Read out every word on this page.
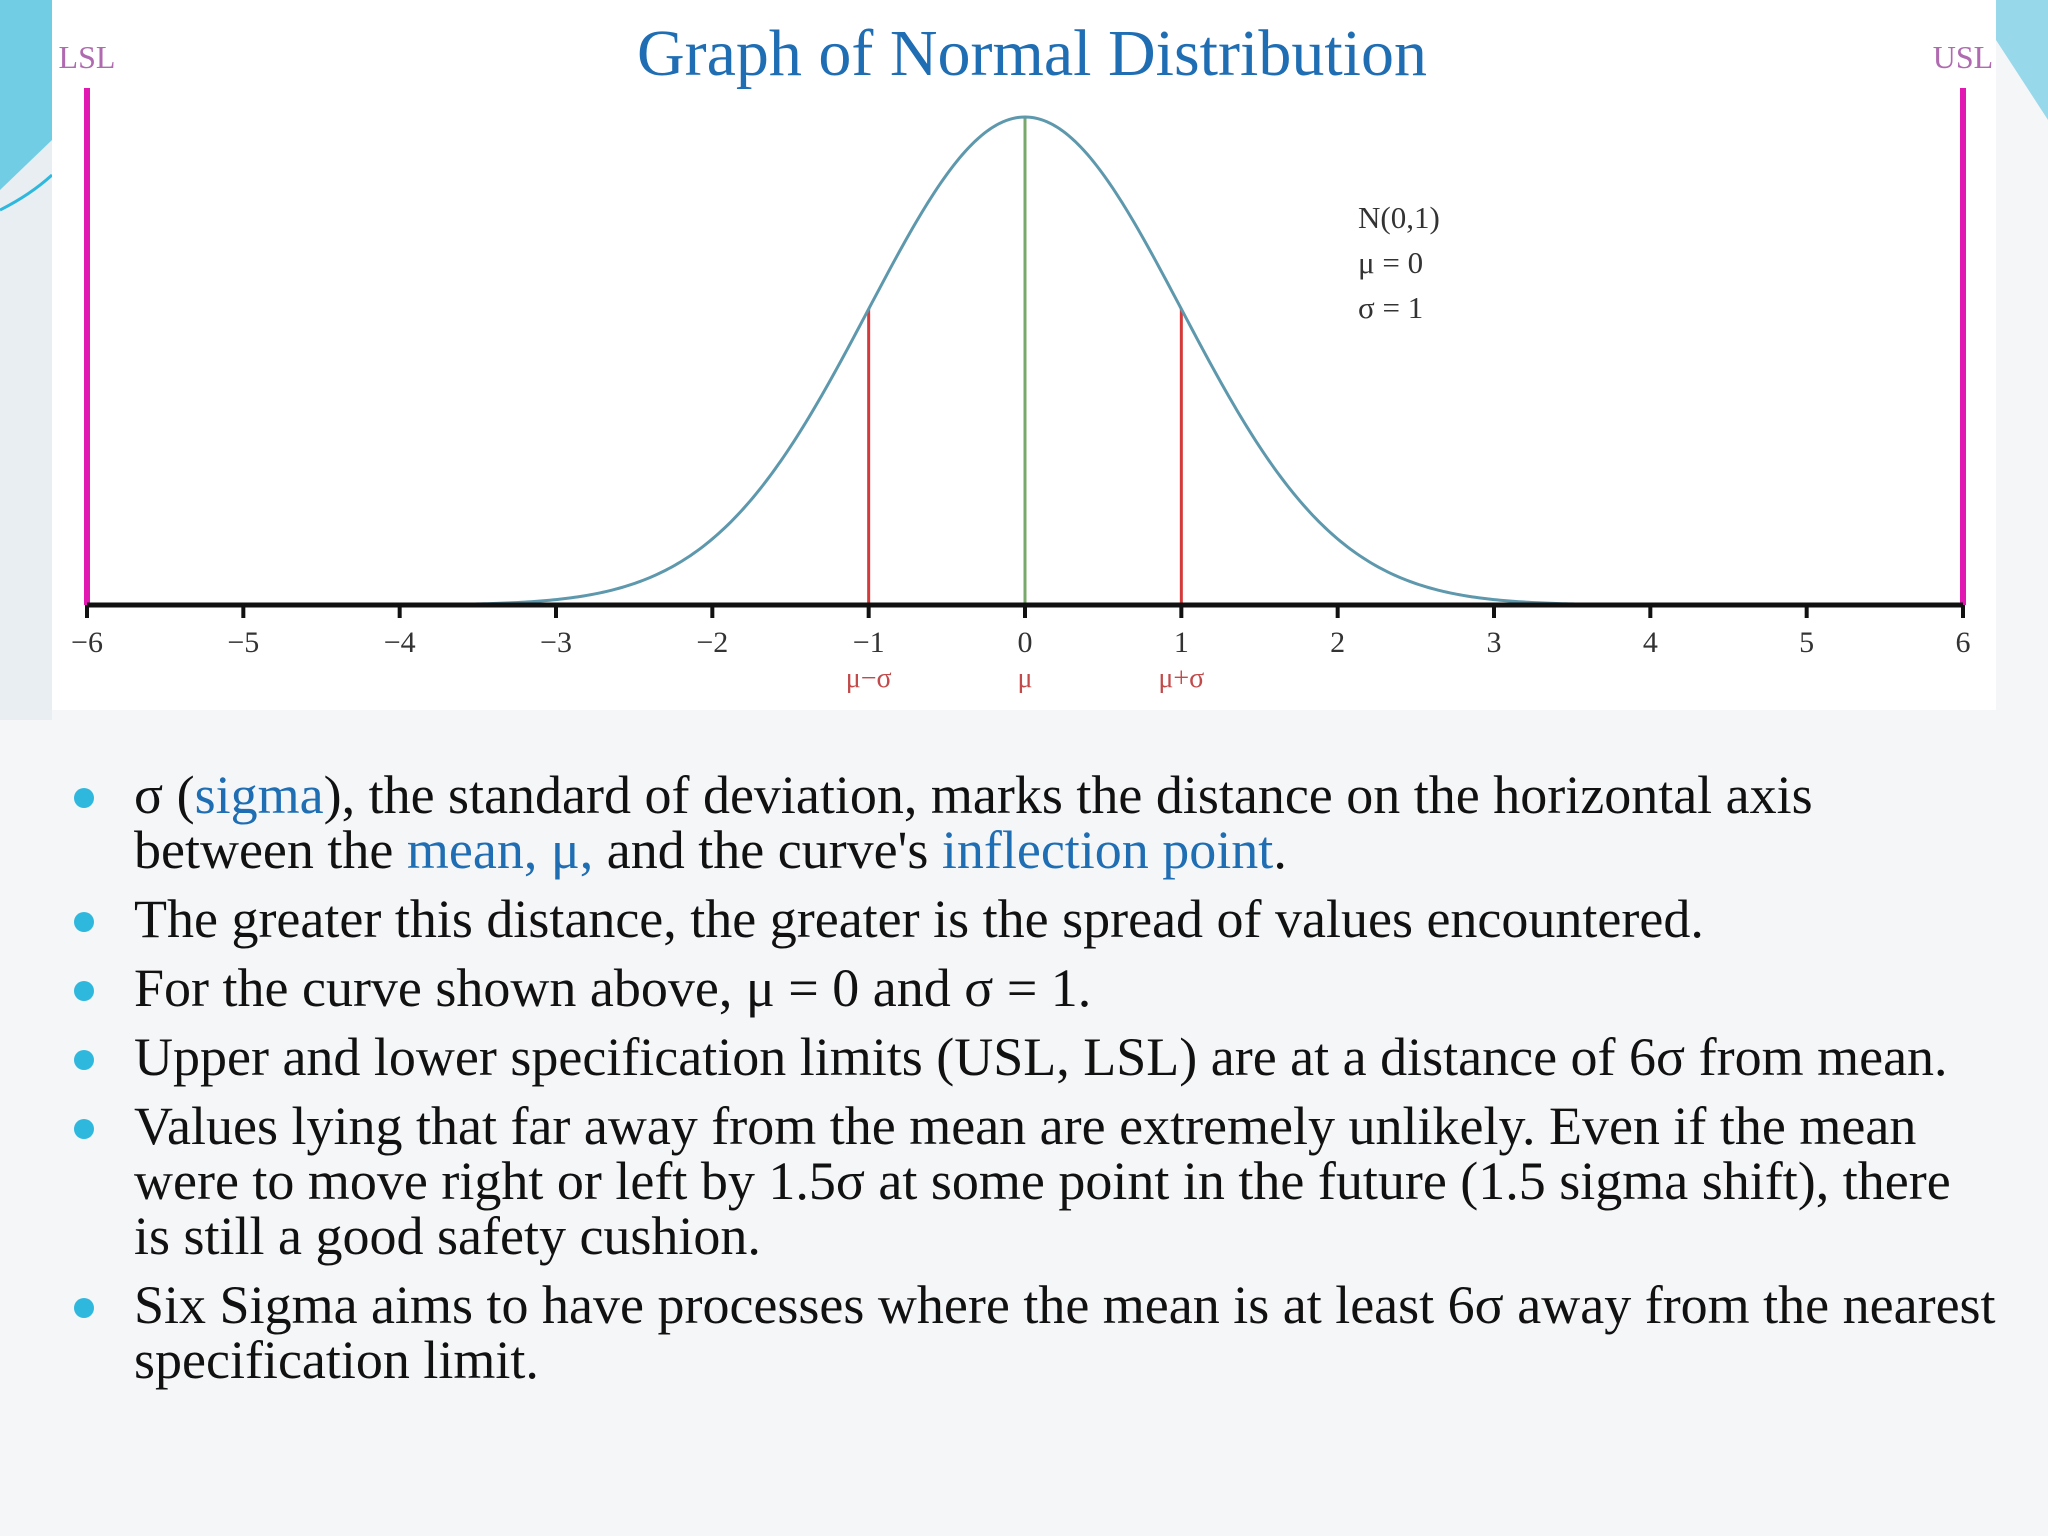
Graph of Normal Distribution
−6	−5	−4	−3	−2	−1	0	1	2	3	4	5	6
μ−σ	μ	μ+σ
LSL	USL
N(0,1)
μ = 0
σ = 1
σ (sigma), the standard of deviation, marks the distance on the horizontal axis between the mean, μ, and the curve's inflection point.
The greater this distance, the greater is the spread of values encountered.
For the curve shown above, μ = 0 and σ = 1.
Upper and lower specification limits (USL, LSL) are at a distance of 6σ from mean.
Values lying that far away from the mean are extremely unlikely. Even if the mean were to move right or left by 1.5σ at some point in the future (1.5 sigma shift), there is still a good safety cushion.
Six Sigma aims to have processes where the mean is at least 6σ away from the nearest specification limit.
